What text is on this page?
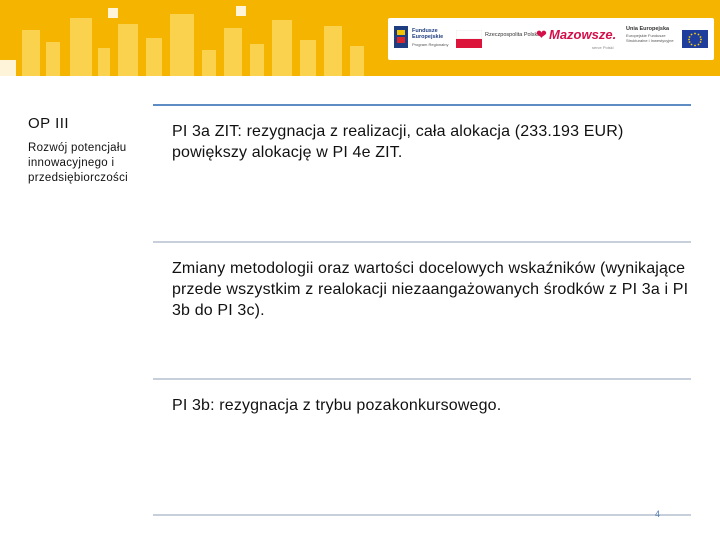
Fundusze Europejskie
Program Regionalny
Rzeczpospolita Polska
❤ Mazowsze.
serce Polski
Unia Europejska
Europejskie Fundusze Strukturalne i Inwestycyjne
OP III
Rozwój potencjału innowacyjnego i przedsiębiorczości
PI 3a ZIT: rezygnacja z realizacji, cała alokacja (233.193 EUR) powiększy alokację w PI 4e ZIT.
Zmiany metodologii oraz wartości docelowych wskaźników (wynikające przede wszystkim z realokacji niezaangażowanych środków z PI 3a i PI 3b do PI 3c).
PI 3b: rezygnacja z trybu pozakonkursowego.
4
